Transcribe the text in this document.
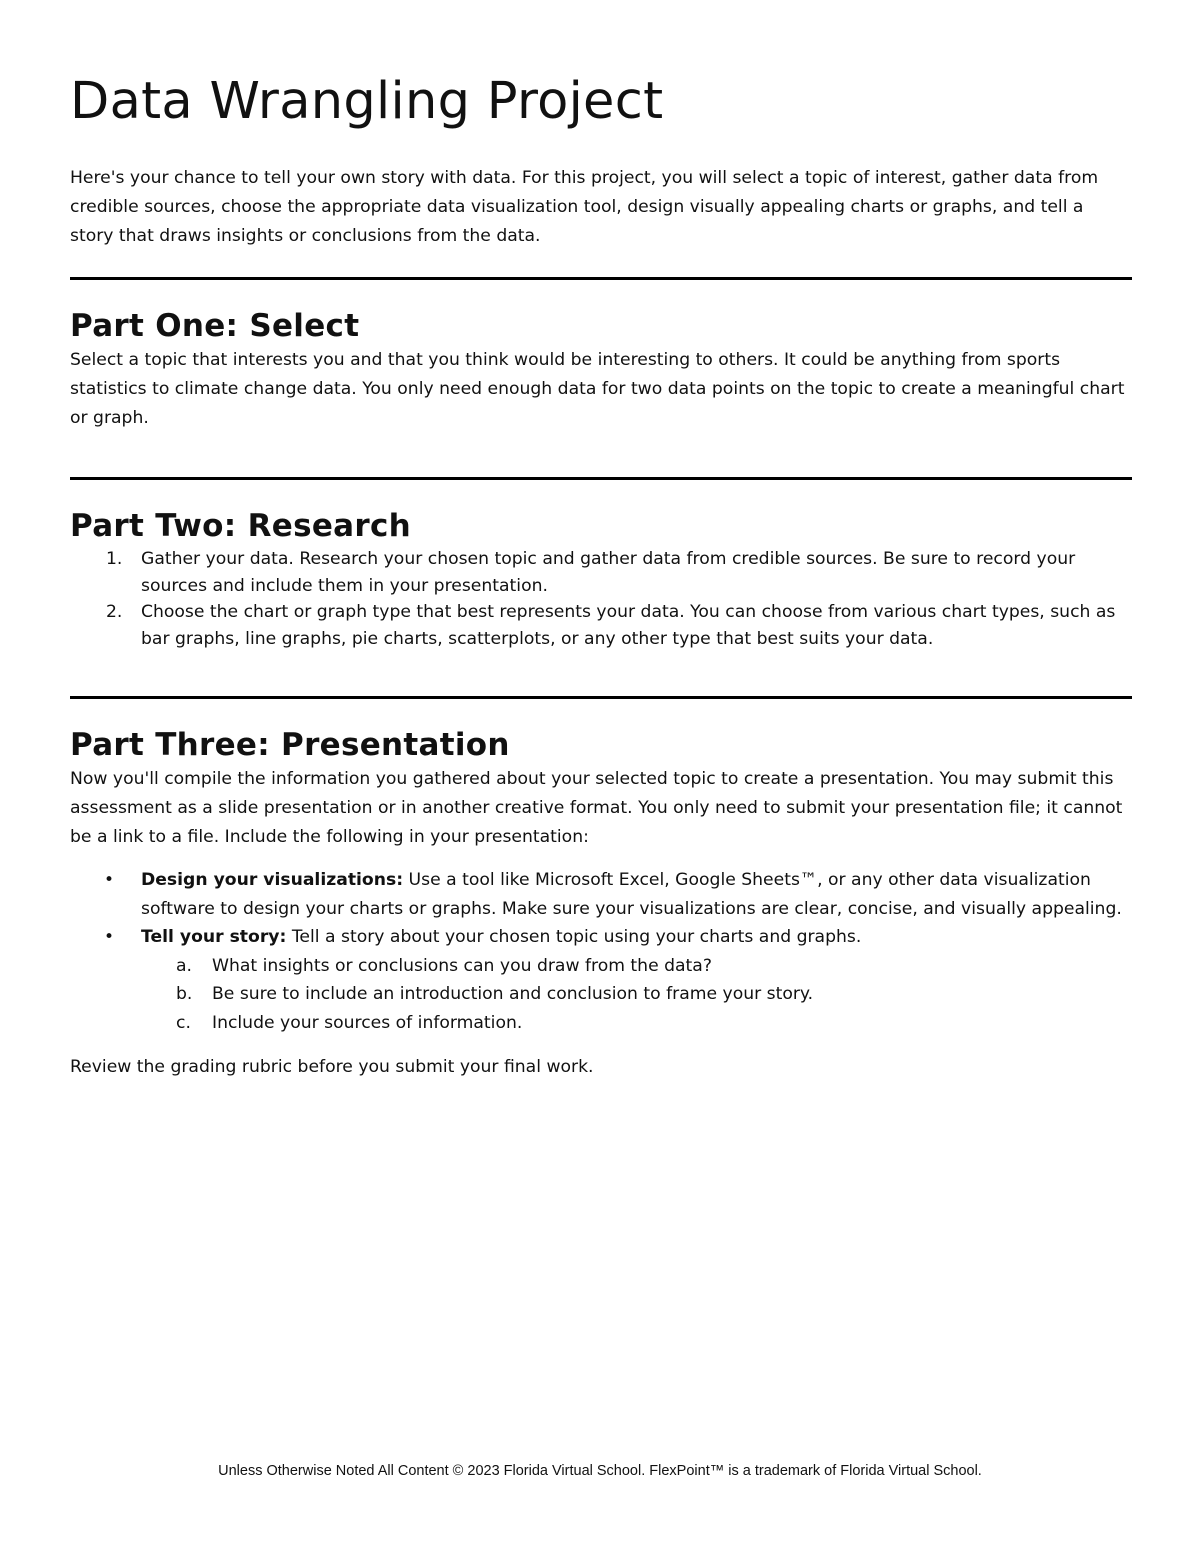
Data Wrangling Project

Here's your chance to tell your own story with data. For this project, you will select a topic of interest, gather data from credible sources, choose the appropriate data visualization tool, design visually appealing charts or graphs, and tell a story that draws insights or conclusions from the data.

Part One: Select

Select a topic that interests you and that you think would be interesting to others. It could be anything from sports statistics to climate change data. You only need enough data for two data points on the topic to create a meaningful chart or graph.

Part Two: Research
1. Gather your data. Research your chosen topic and gather data from credible sources. Be sure to record your sources and include them in your presentation.
2. Choose the chart or graph type that best represents your data. You can choose from various chart types, such as bar graphs, line graphs, pie charts, scatterplots, or any other type that best suits your data.
Part Three: Presentation

Now you'll compile the information you gathered about your selected topic to create a presentation. You may submit this assessment as a slide presentation or in another creative format. You only need to submit your presentation file; it cannot be a link to a file. Include the following in your presentation:

• Design your visualizations: Use a tool like Microsoft Excel, Google Sheets™, or any other data visualization software to design your charts or graphs. Make sure your visualizations are clear, concise, and visually appealing.
• Tell your story: Tell a story about your chosen topic using your charts and graphs.
a. What insights or conclusions can you draw from the data?
b. Be sure to include an introduction and conclusion to frame your story.
c. Include your sources of information.

Review the grading rubric before you submit your final work.

Unless Otherwise Noted All Content © 2023 Florida Virtual School. FlexPoint™ is a trademark of Florida Virtual School.
